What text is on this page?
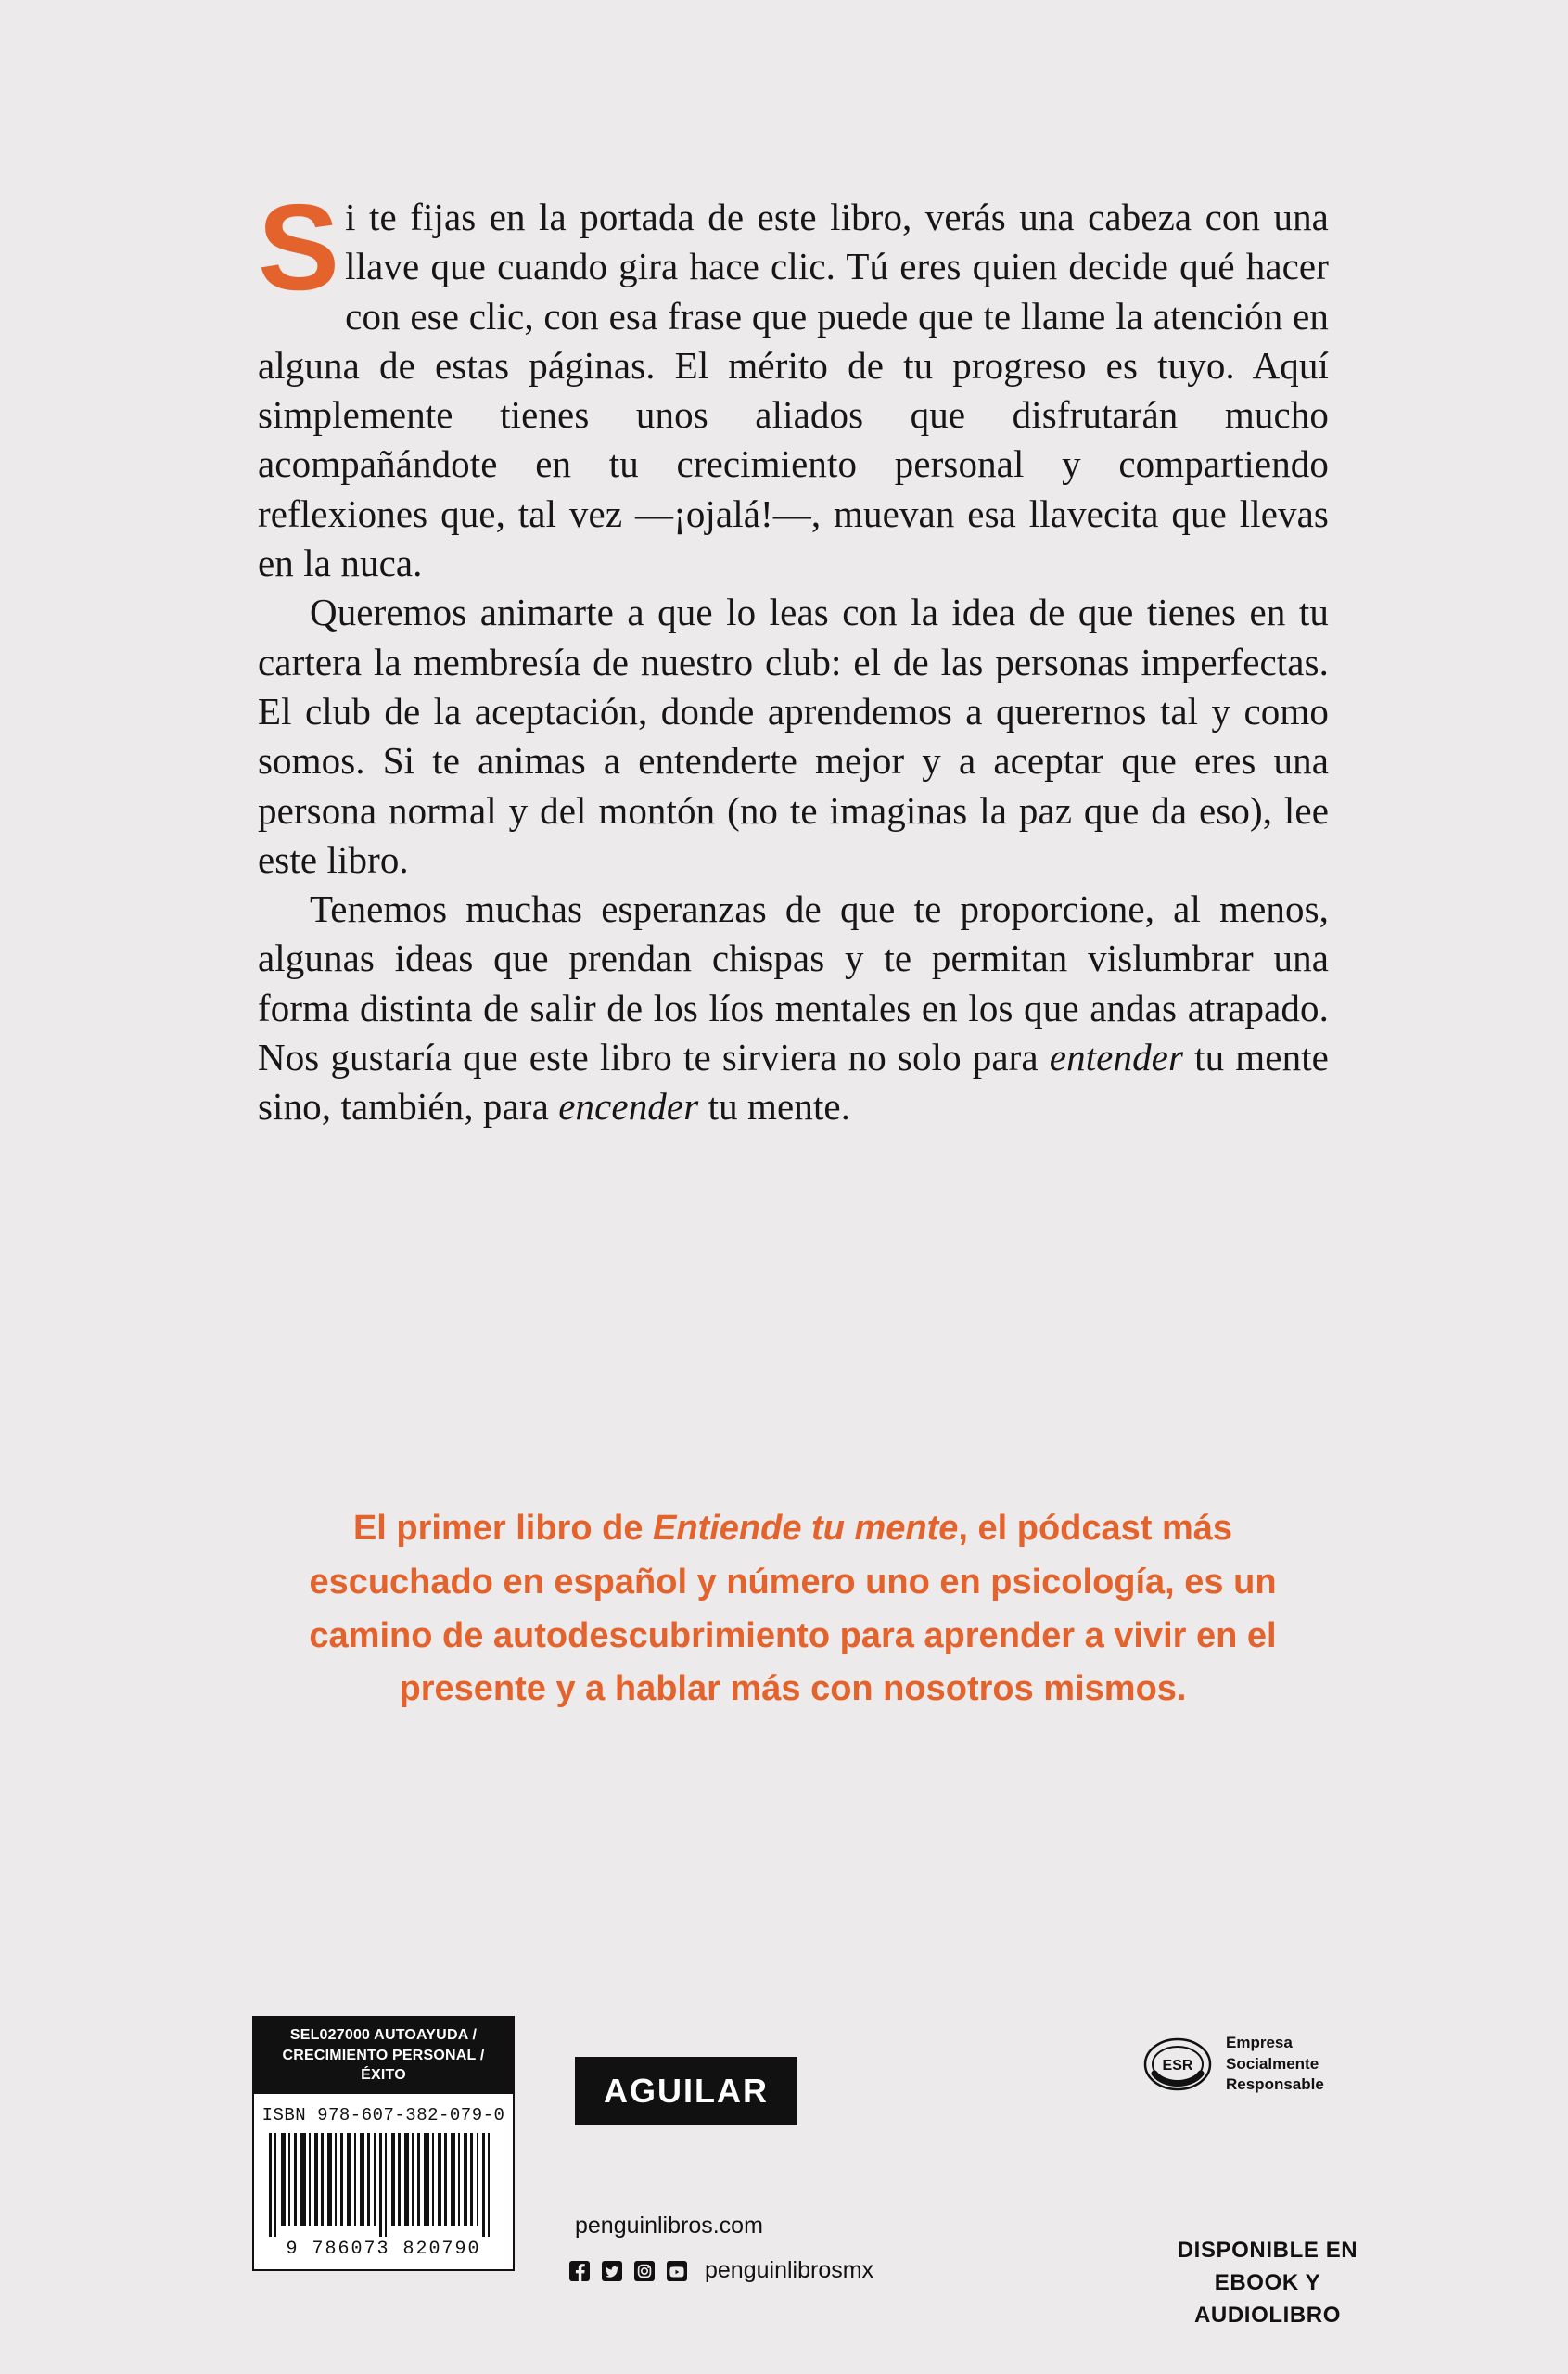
Si te fijas en la portada de este libro, verás una cabeza con una llave que cuando gira hace clic. Tú eres quien decide qué hacer con ese clic, con esa frase que puede que te llame la atención en alguna de estas páginas. El mérito de tu progreso es tuyo. Aquí simplemente tienes unos aliados que disfrutarán mucho acompañándote en tu crecimiento personal y compartiendo reflexiones que, tal vez —¡ojalá!—, muevan esa llavecita que llevas en la nuca.

Queremos animarte a que lo leas con la idea de que tienes en tu cartera la membresía de nuestro club: el de las personas imperfectas. El club de la aceptación, donde aprendemos a querernos tal y como somos. Si te animas a entenderte mejor y a aceptar que eres una persona normal y del montón (no te imaginas la paz que da eso), lee este libro.

Tenemos muchas esperanzas de que te proporcione, al menos, algunas ideas que prendan chispas y te permitan vislumbrar una forma distinta de salir de los líos mentales en los que andas atrapado. Nos gustaría que este libro te sirviera no solo para entender tu mente sino, también, para encender tu mente.

El primer libro de Entiende tu mente, el pódcast más escuchado en español y número uno en psicología, es un camino de autodescubrimiento para aprender a vivir en el presente y a hablar más con nosotros mismos.
SEL027000 AUTOAYUDA /
CRECIMIENTO PERSONAL / ÉXITO
ISBN 978-607-382-079-0
9 786073 820790
AGUILAR
penguinlibros.com
penguinlibrosmx
ESR
Empresa
Socialmente
Responsable
DISPONIBLE EN
EBOOK Y AUDIOLIBRO
